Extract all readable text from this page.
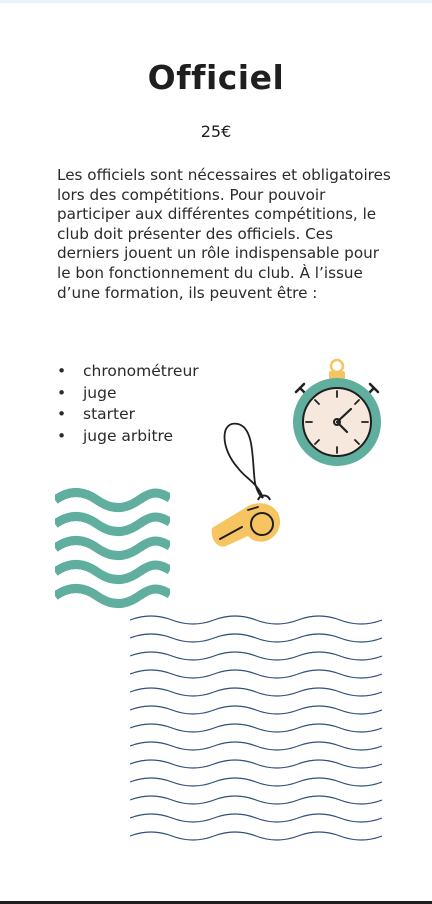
Officiel
25€

Les officiels sont nécessaires et obligatoires lors des compétitions. Pour pouvoir participer aux différentes compétitions, le club doit présenter des officiels. Ces derniers jouent un rôle indispensable pour le bon fonctionnement du club. À l’issue d’une formation, ils peuvent être :

• chronométreur
• juge
• starter
• juge arbitre
